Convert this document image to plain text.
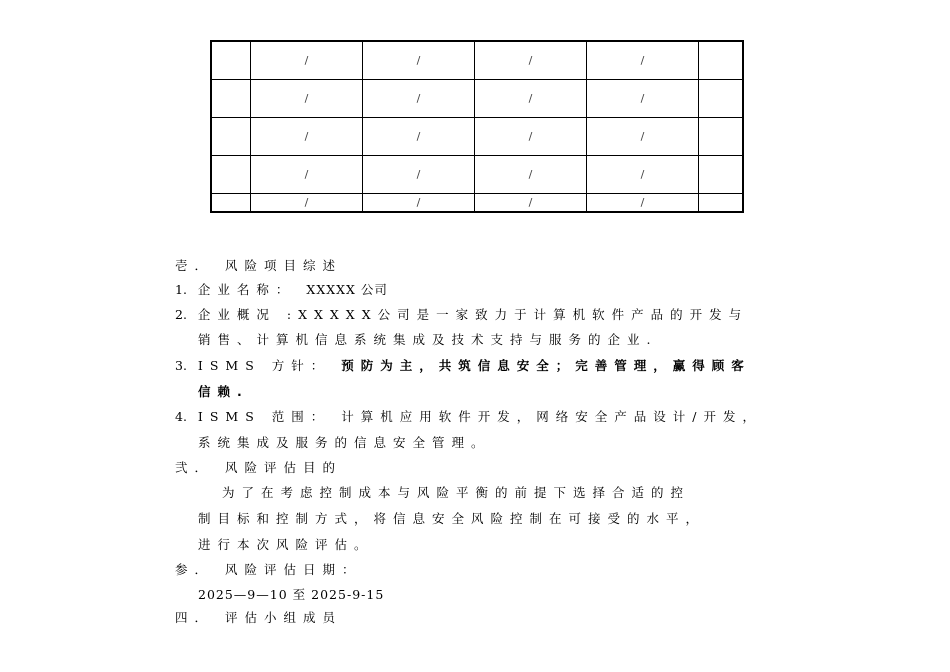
	/	/	/	/	
	/	/	/	/	
	/	/	/	/	
	/	/	/	/	
	/	/	/	/	
壱． 风险项目综述
1. 企业名称： XXXXX 公司
2. 企业概况 :XXXXX公司是一家致力于计算机软件产品的开发与
销售、计算机信息系统集成及技术支持与服务的企业.
3. ISMS 方针： 预防为主，共筑信息安全；完善管理，赢得顾客
信赖.
4. ISMS 范围： 计算机应用软件开发，网络安全产品设计/开发，
系统集成及服务的信息安全管理。
弐． 风险评估目的
为了在考虑控制成本与风险平衡的前提下选择合适的控
制目标和控制方式，将信息安全风险控制在可接受的水平，
进行本次风险评估。
参． 风险评估日期：
2025—9—10 至 2025-9-15
四． 评估小组成员
